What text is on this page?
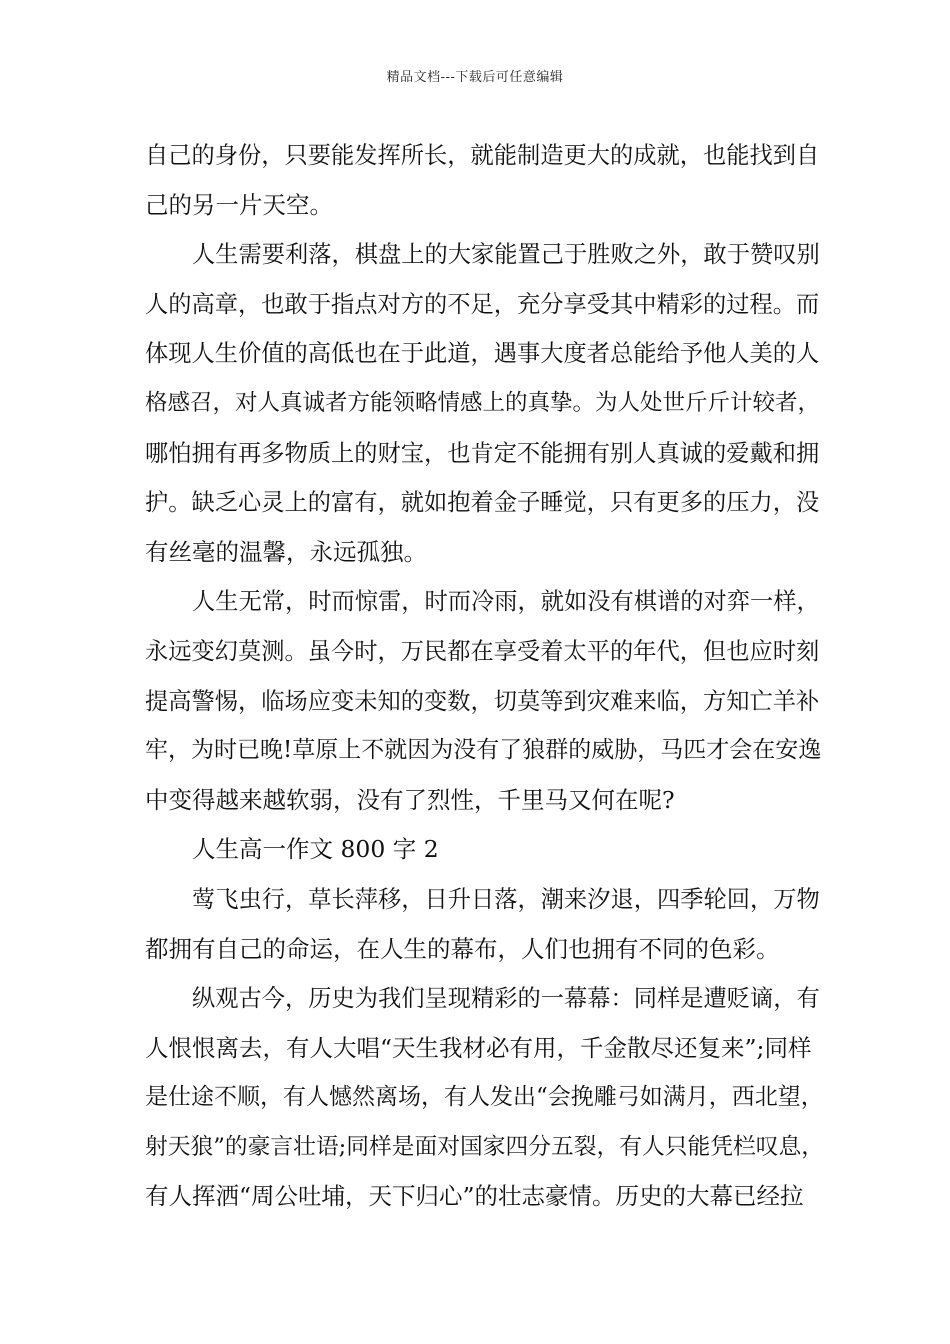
精品文档---下载后可任意编辑
自己的身份，只要能发挥所长，就能制造更大的成就，也能找到自
己的另一片天空。
人生需要利落，棋盘上的大家能置己于胜败之外，敢于赞叹别
人的高章，也敢于指点对方的不足，充分享受其中精彩的过程。而
体现人生价值的高低也在于此道，遇事大度者总能给予他人美的人
格感召，对人真诚者方能领略情感上的真挚。为人处世斤斤计较者，
哪怕拥有再多物质上的财宝，也肯定不能拥有别人真诚的爱戴和拥
护。缺乏心灵上的富有，就如抱着金子睡觉，只有更多的压力，没
有丝毫的温馨，永远孤独。
人生无常，时而惊雷，时而冷雨，就如没有棋谱的对弈一样，
永远变幻莫测。虽今时，万民都在享受着太平的年代，但也应时刻
提高警惕，临场应变未知的变数，切莫等到灾难来临，方知亡羊补
牢，为时已晚!草原上不就因为没有了狼群的威胁，马匹才会在安逸
中变得越来越软弱，没有了烈性，千里马又何在呢?
人生高一作文 800 字 2
莺飞虫行，草长萍移，日升日落，潮来汐退，四季轮回，万物
都拥有自己的命运，在人生的幕布，人们也拥有不同的色彩。
纵观古今，历史为我们呈现精彩的一幕幕：同样是遭贬谪，有
人恨恨离去，有人大唱“天生我材必有用，千金散尽还复来”;同样
是仕途不顺，有人憾然离场，有人发出“会挽雕弓如满月，西北望，
射天狼”的豪言壮语;同样是面对国家四分五裂，有人只能凭栏叹息，
有人挥洒“周公吐埔，天下归心”的壮志豪情。历史的大幕已经拉
